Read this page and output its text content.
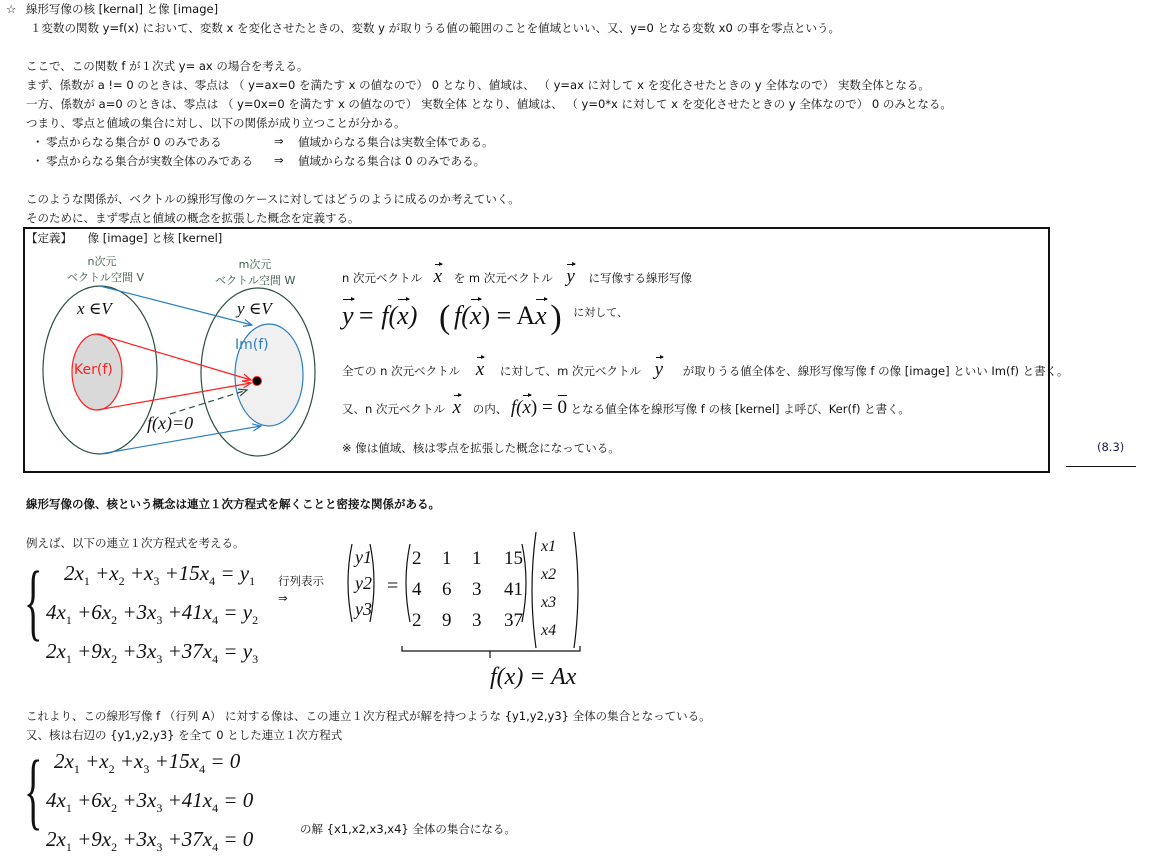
☆ 線形写像の核 [kernal] と像 [image]
１変数の関数 y=f(x) において、変数 x を変化させたときの、変数 y が取りうる値の範囲のことを値域といい、又、y=0 となる変数 x0 の事を零点という。
ここで、この関数 f が１次式 y= ax の場合を考える。
まず、係数が a != 0 のときは、零点は （ y=ax=0 を満たす x の値なので） 0 となり、値域は、 （ y=ax に対して x を変化させたときの y 全体なので） 実数全体となる。
一方、係数が a=0 のときは、零点は （ y=0x=0 を満たす x の値なので） 実数全体 となり、値域は、 （ y=0*x に対して x を変化させたときの y 全体なので） 0 のみとなる。
つまり、零点と値域の集合に対し、以下の関係が成り立つことが分かる。
・ 零点からなる集合が 0 のみである	⇒ 値域からなる集合は実数全体である。
・ 零点からなる集合が実数全体のみである ⇒ 値域からなる集合は 0 のみである。
このような関係が、ベクトルの線形写像のケースに対してはどうのように成るのか考えていく。
そのために、まず零点と値域の概念を拡張した概念を定義する。
【定義】 像 [image] と核 [kernel]
n次元
ベクトル空間 V
m次元
ベクトル空間 W
x ∈V	y ∈V
Ker(f)
Im(f)
f(x)=0
n 次元ベクトル x を m 次元ベクトル y に写像する線形写像
y = f(x) ( f(x) = Ax ) に対して、
全ての n 次元ベクトル x に対して、m 次元ベクトル y が取りうる値全体を、線形写像写像 f の像 [image] といい Im(f) と書く。
又、n 次元ベクトル x の内、 f(x) = 0 となる値全体を線形写像 f の核 [kernel] よ呼び、Ker(f) と書く。
※ 像は値域、核は零点を拡張した概念になっている。	(8.3)
線形写像の像、核という概念は連立１次方程式を解くことと密接な関係がある。
例えば、以下の連立１次方程式を考える。
{	$2x_1 +x_2 +x_3 +15x_4 = y_1$
$4x_1 +6x_2 +3x_3 +41x_4 = y_2$
$2x_1 +9x_2 +3x_3 +37x_4 = y_3$
行列表示
⇒
y1
y2
y3
=
2	1	1	15
4	6	3	41
2	9	3	37
x1
x2
x3
x4
f(x) = Ax
これより、この線形写像 f （行列 A） に対する像は、この連立１次方程式が解を持つような {y1,y2,y3} 全体の集合となっている。
又、核は右辺の {y1,y2,y3} を全て 0 とした連立１次方程式
{ $2x_1 +x_2 +x_3 +15x_4 = 0$
$4x_1 +6x_2 +3x_3 +41x_4 = 0$
$2x_1 +9x_2 +3x_3 +37x_4 = 0$	の解 {x1,x2,x3,x4} 全体の集合になる。
